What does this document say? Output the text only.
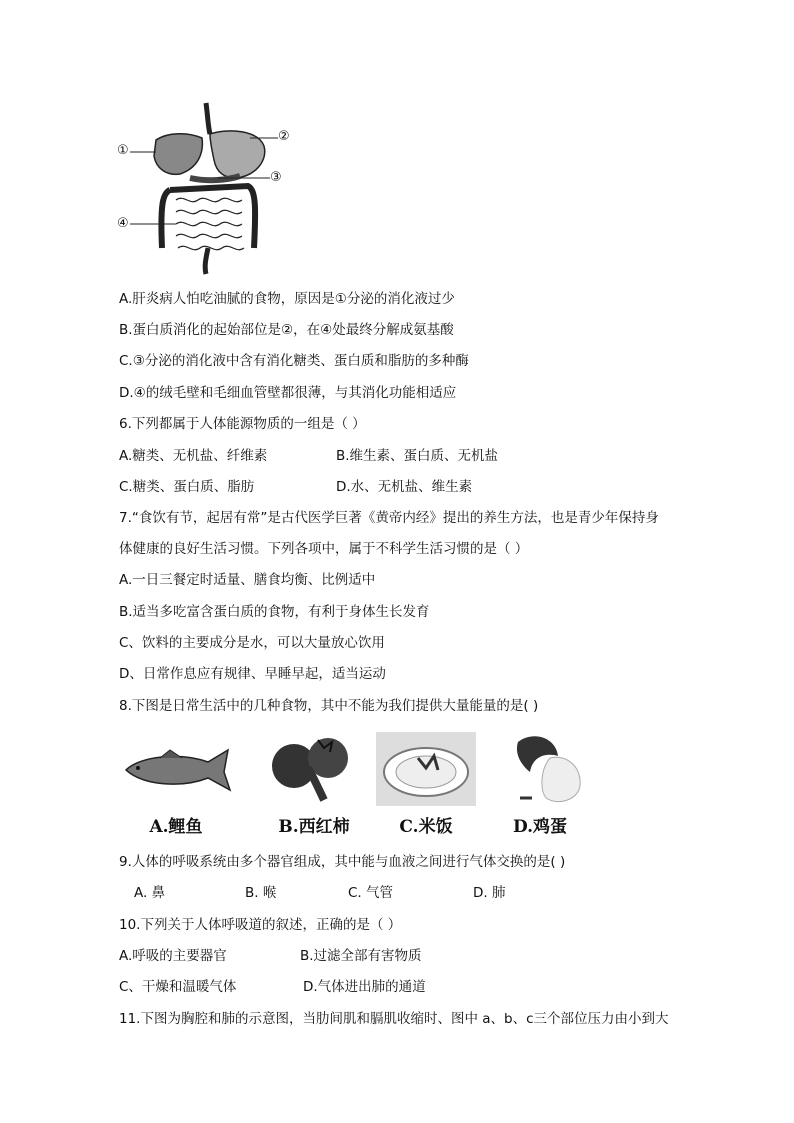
①
②
③
④
A.肝炎病人怕吃油腻的食物，原因是①分泌的消化液过少
B.蛋白质消化的起始部位是②，在④处最终分解成氨基酸
C.③分泌的消化液中含有消化糖类、蛋白质和脂肪的多种酶
D.④的绒毛壁和毛细血管壁都很薄，与其消化功能相适应
6.下列都属于人体能源物质的一组是（ ）
A.糖类、无机盐、纤维素	B.维生素、蛋白质、无机盐
C.糖类、蛋白质、脂肪	D.水、无机盐、维生素
7.“食饮有节，起居有常”是古代医学巨著《黄帝内经》提出的养生方法，也是青少年保持身
体健康的良好生活习惯。下列各项中，属于不科学生活习惯的是（ ）
A.一日三餐定时适量、膳食均衡、比例适中
B.适当多吃富含蛋白质的食物，有利于身体生长发育
C、饮料的主要成分是水，可以大量放心饮用
D、日常作息应有规律、早睡早起，适当运动
8.下图是日常生活中的几种食物，其中不能为我们提供大量能量的是( )
A.鲤鱼	B.西红柿	C.米饭	D.鸡蛋
9.人体的呼吸系统由多个器官组成，其中能与血液之间进行气体交换的是( )
A. 鼻	B. 喉	C. 气管	D. 肺
10.下列关于人体呼吸道的叙述，正确的是（ ）
A.呼吸的主要器官	B.过滤全部有害物质
C、干燥和温暖气体	D.气体进出肺的通道
11.下图为胸腔和肺的示意图，当肋间肌和膈肌收缩时、图中 a、b、c三个部位压力由小到大
